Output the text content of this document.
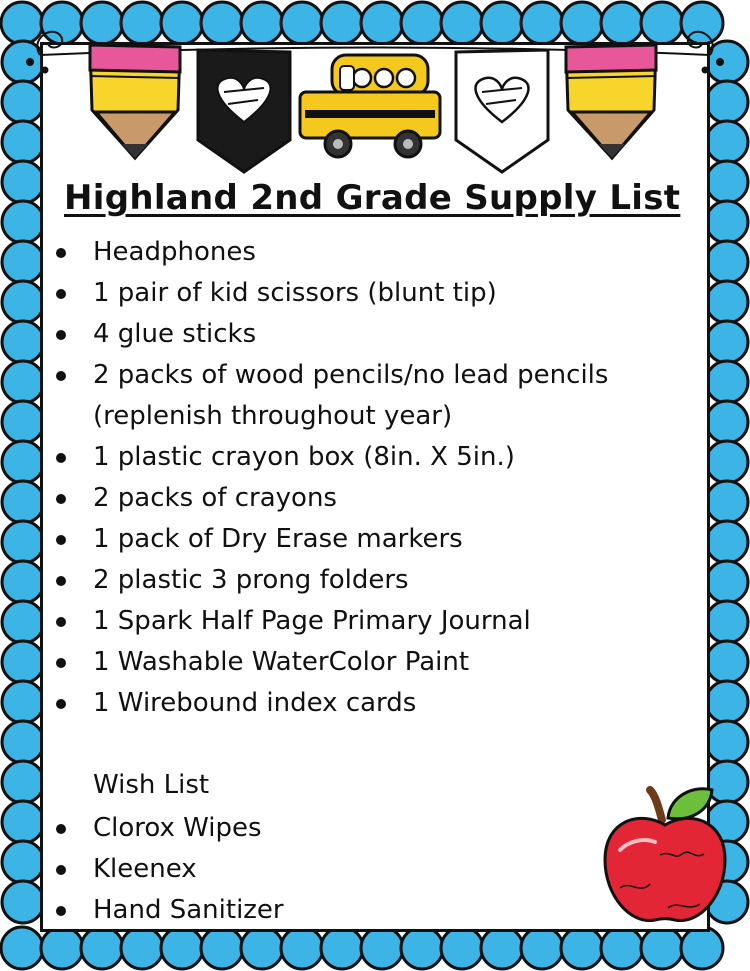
Highland 2nd Grade Supply List
Headphones
1 pair of kid scissors (blunt tip)
4 glue sticks
2 packs of wood pencils/no lead pencils
(replenish throughout year)
1 plastic crayon box (8in. X 5in.)
2 packs of crayons
1 pack of Dry Erase markers
2 plastic 3 prong folders
1 Spark Half Page Primary Journal
1 Washable WaterColor Paint
1 Wirebound index cards
Wish List
Clorox Wipes
Kleenex
Hand Sanitizer
